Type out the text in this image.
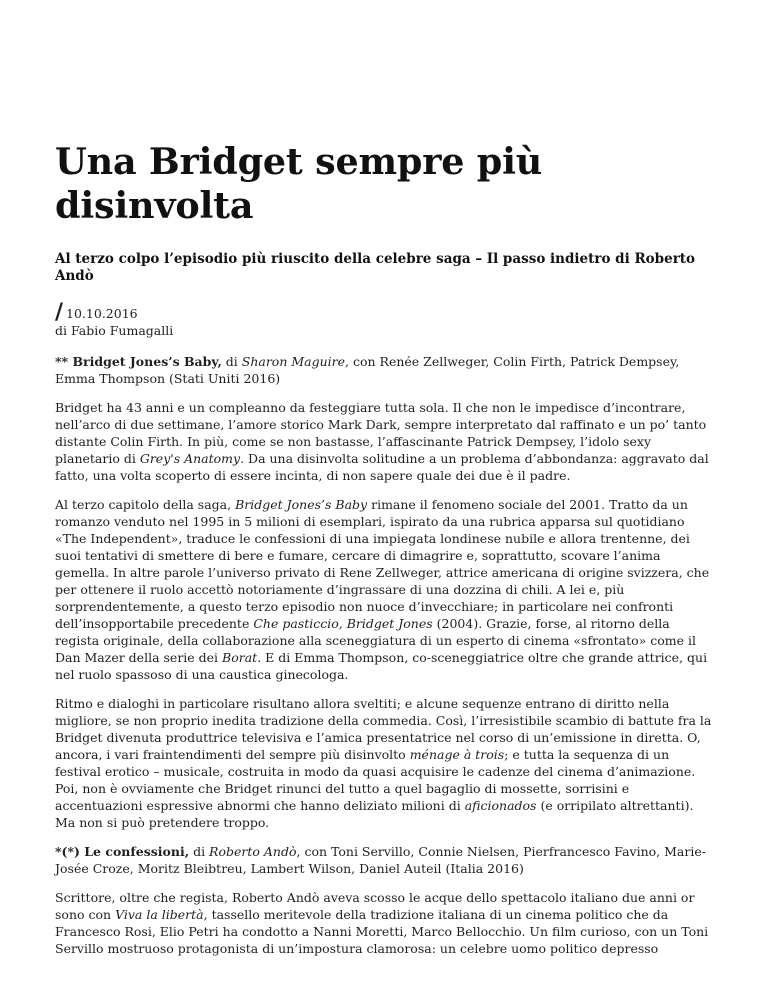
Una Bridget sempre più disinvolta
Al terzo colpo l’episodio più riuscito della celebre saga – Il passo indietro di Roberto Andò
/ 10.10.2016
di Fabio Fumagalli

** Bridget Jones’s Baby, di Sharon Maguire, con Renée Zellweger, Colin Firth, Patrick Dempsey, Emma Thompson (Stati Uniti 2016)

Bridget ha 43 anni e un compleanno da festeggiare tutta sola. Il che non le impedisce d’incontrare, nell’arco di due settimane, l’amore storico Mark Dark, sempre interpretato dal raffinato e un po’ tanto distante Colin Firth. In più, come se non bastasse, l’affascinante Patrick Dempsey, l’idolo sexy planetario di Grey's Anatomy. Da una disinvolta solitudine a un problema d’abbondanza: aggravato dal fatto, una volta scoperto di essere incinta, di non sapere quale dei due è il padre.

Al terzo capitolo della saga, Bridget Jones’s Baby rimane il fenomeno sociale del 2001. Tratto da un romanzo venduto nel 1995 in 5 milioni di esemplari, ispirato da una rubrica apparsa sul quotidiano «The Independent», traduce le confessioni di una impiegata londinese nubile e allora trentenne, dei suoi tentativi di smettere di bere e fumare, cercare di dimagrire e, soprattutto, scovare l’anima gemella. In altre parole l’universo privato di Rene Zellweger, attrice americana di origine svizzera, che per ottenere il ruolo accettò notoriamente d’ingrassare di una dozzina di chili. A lei e, più sorprendentemente, a questo terzo episodio non nuoce d’invecchiare; in particolare nei confronti dell’insopportabile precedente Che pasticcio, Bridget Jones (2004). Grazie, forse, al ritorno della regista originale, della collaborazione alla sceneggiatura di un esperto di cinema «sfrontato» come il Dan Mazer della serie dei Borat. E di Emma Thompson, co-sceneggiatrice oltre che grande attrice, qui nel ruolo spassoso di una caustica ginecologa.

Ritmo e dialoghi in particolare risultano allora sveltiti; e alcune sequenze entrano di diritto nella migliore, se non proprio inedita tradizione della commedia. Così, l’irresistibile scambio di battute fra la Bridget divenuta produttrice televisiva e l’amica presentatrice nel corso di un’emissione in diretta. O, ancora, i vari fraintendimenti del sempre più disinvolto ménage à trois; e tutta la sequenza di un festival erotico – musicale, costruita in modo da quasi acquisire le cadenze del cinema d’animazione. Poi, non è ovviamente che Bridget rinunci del tutto a quel bagaglio di mossette, sorrisini e accentuazioni espressive abnormi che hanno deliziato milioni di aficionados (e orripilato altrettanti). Ma non si può pretendere troppo.

*(*) Le confessioni, di Roberto Andò, con Toni Servillo, Connie Nielsen, Pierfrancesco Favino, Marie-Josée Croze, Moritz Bleibtreu, Lambert Wilson, Daniel Auteil (Italia 2016)

Scrittore, oltre che regista, Roberto Andò aveva scosso le acque dello spettacolo italiano due anni or sono con Viva la libertà, tassello meritevole della tradizione italiana di un cinema politico che da Francesco Rosi, Elio Petri ha condotto a Nanni Moretti, Marco Bellocchio. Un film curioso, con un Toni Servillo mostruoso protagonista di un’impostura clamorosa: un celebre uomo politico depresso
